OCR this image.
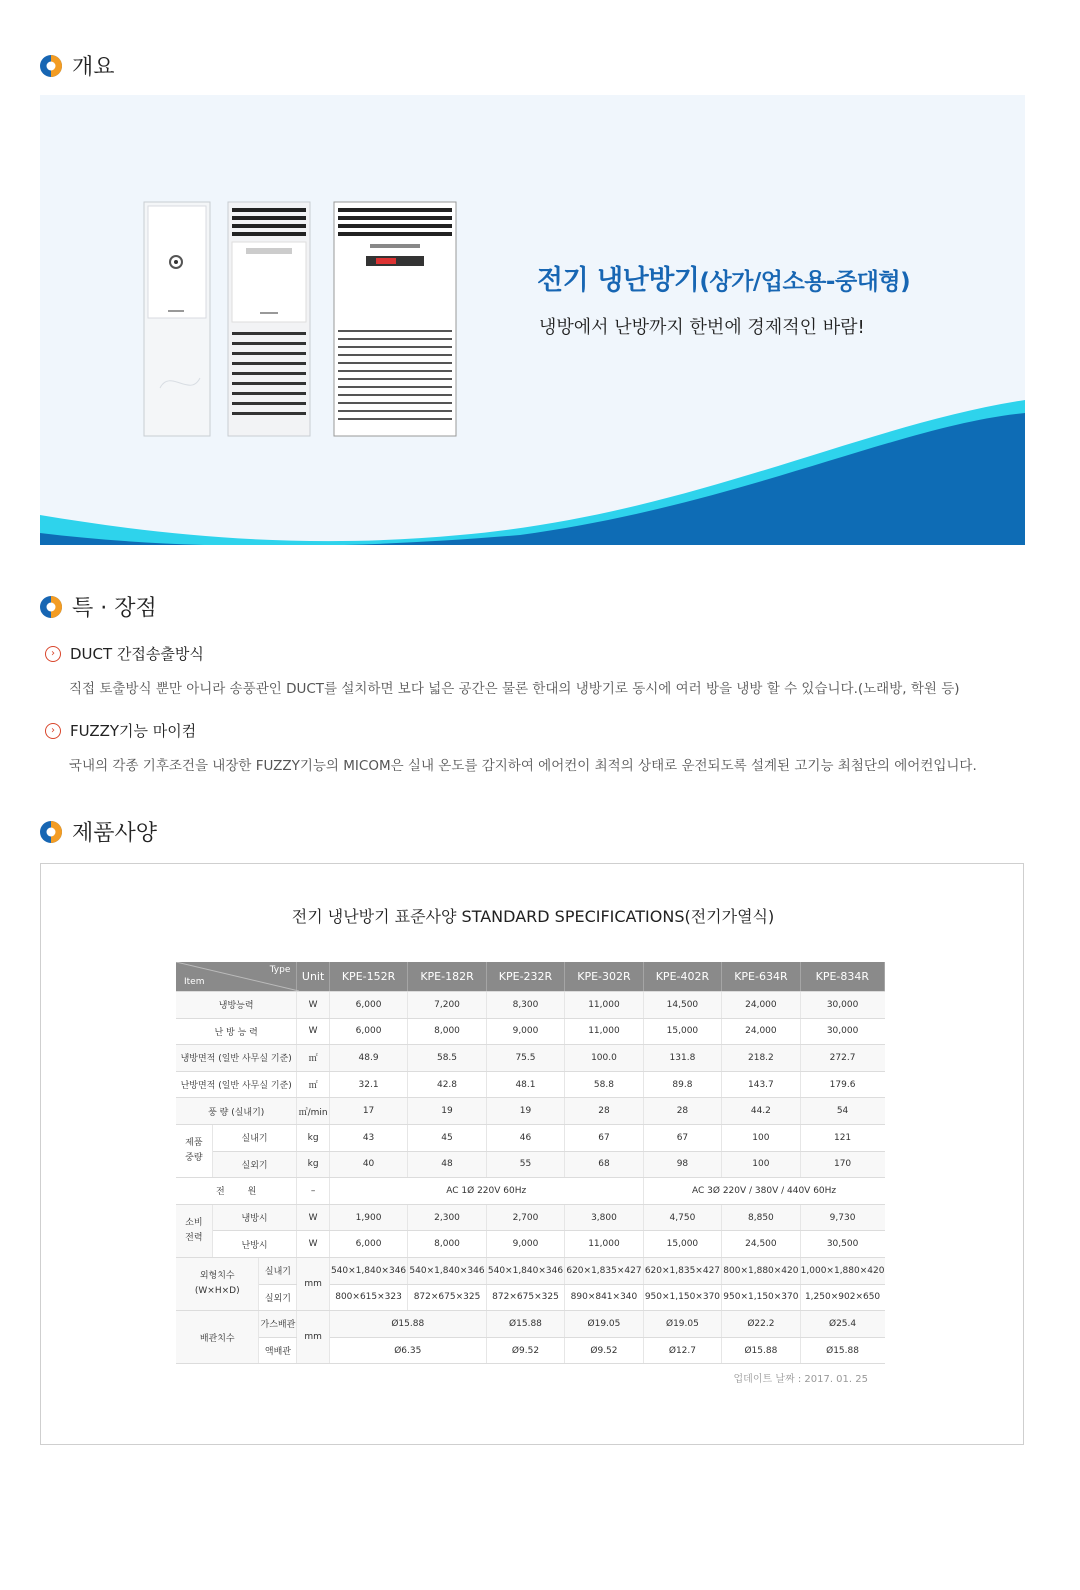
개요
전기 냉난방기(상가/업소용-중대형)
냉방에서 난방까지 한번에 경제적인 바람!
특 · 장점
›	DUCT 간접송출방식
직접 토출방식 뿐만 아니라 송풍관인 DUCT를 설치하면 보다 넓은 공간은 물론 한대의 냉방기로 동시에 여러 방을 냉방 할 수 있습니다.(노래방, 학원 등)
›	FUZZY기능 마이컴
국내의 각종 기후조건을 내장한 FUZZY기능의 MICOM은 실내 온도를 감지하여 에어컨이 최적의 상태로 운전되도록 설계된 고기능 최첨단의 에어컨입니다.
제품사양
전기 냉난방기 표준사양 STANDARD SPECIFICATIONS(전기가열식)
Item
Type			Unit	KPE-152R	KPE-182R	KPE-232R	KPE-302R	KPE-402R	KPE-634R	KPE-834R
냉방능력			W	6,000	7,200	8,300	11,000	14,500	24,000	30,000
난 방 능 력			W	6,000	8,000	9,000	11,000	15,000	24,000	30,000
냉방면적 (일반 사무실 기준)			㎡	48.9	58.5	75.5	100.0	131.8	218.2	272.7
난방면적 (일반 사무실 기준)			㎡	32.1	42.8	48.1	58.8	89.8	143.7	179.6
풍 량 (실내기)			㎥/min	17	19	19	28	28	44.2	54
제품
중량	실내기		kg	43	45	46	67	67	100	121
	실외기		kg	40	48	55	68	98	100	170
전        원			–	AC 1Ø 220V 60Hz				AC 3Ø 220V / 380V / 440V 60Hz		
소비
전력	냉방시		W	1,900	2,300	2,700	3,800	4,750	8,850	9,730
	난방시		W	6,000	8,000	9,000	11,000	15,000	24,500	30,500
외형치수
(W×H×D)		실내기	mm	540×1,840×346	540×1,840×346	540×1,840×346	620×1,835×427	620×1,835×427	800×1,880×420	1,000×1,880×420
		실외기		800×615×323	872×675×325	872×675×325	890×841×340	950×1,150×370	950×1,150×370	1,250×902×650
배관치수		가스배관	mm	Ø15.88		Ø15.88	Ø19.05	Ø19.05	Ø22.2	Ø25.4
		액배관		Ø6.35		Ø9.52	Ø9.52	Ø12.7	Ø15.88	Ø15.88
업데이트 날짜 : 2017. 01. 25
